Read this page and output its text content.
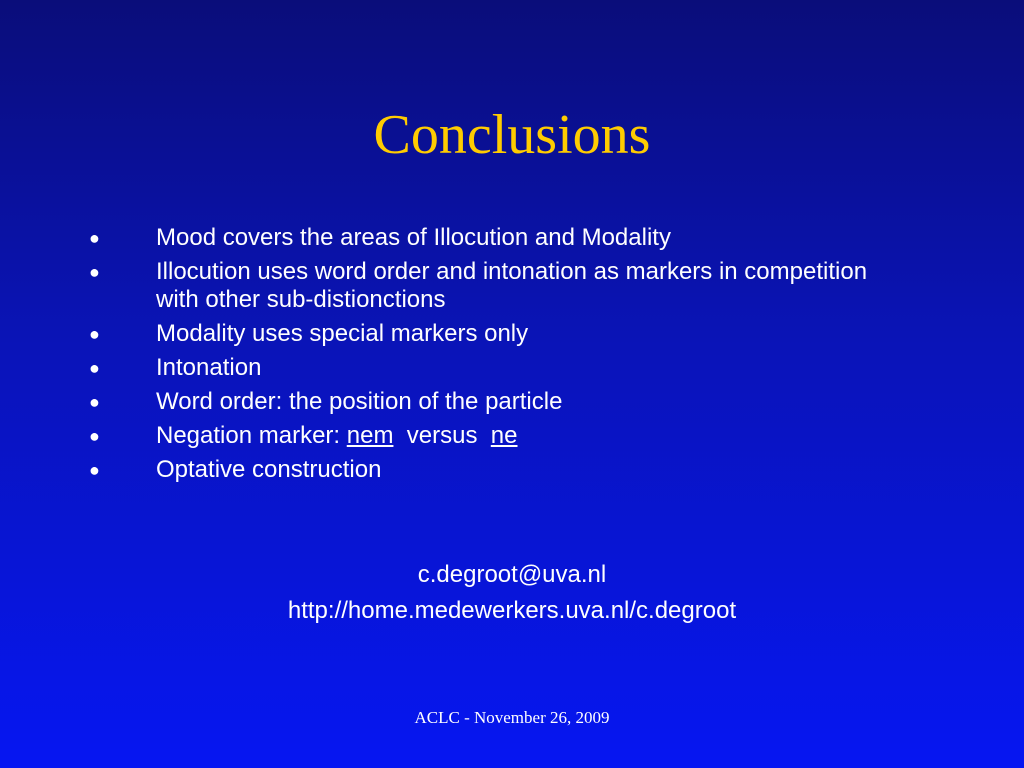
Conclusions
●	Mood covers the areas of Illocution and Modality
●	Illocution uses word order and intonation as markers in competition with other sub-distionctions
●	Modality uses special markers only
●	Intonation
●	Word order: the position of the particle
●	Negation marker: nem  versus  ne
●	Optative construction
c.degroot@uva.nl
http://home.medewerkers.uva.nl/c.degroot
ACLC - November 26, 2009
